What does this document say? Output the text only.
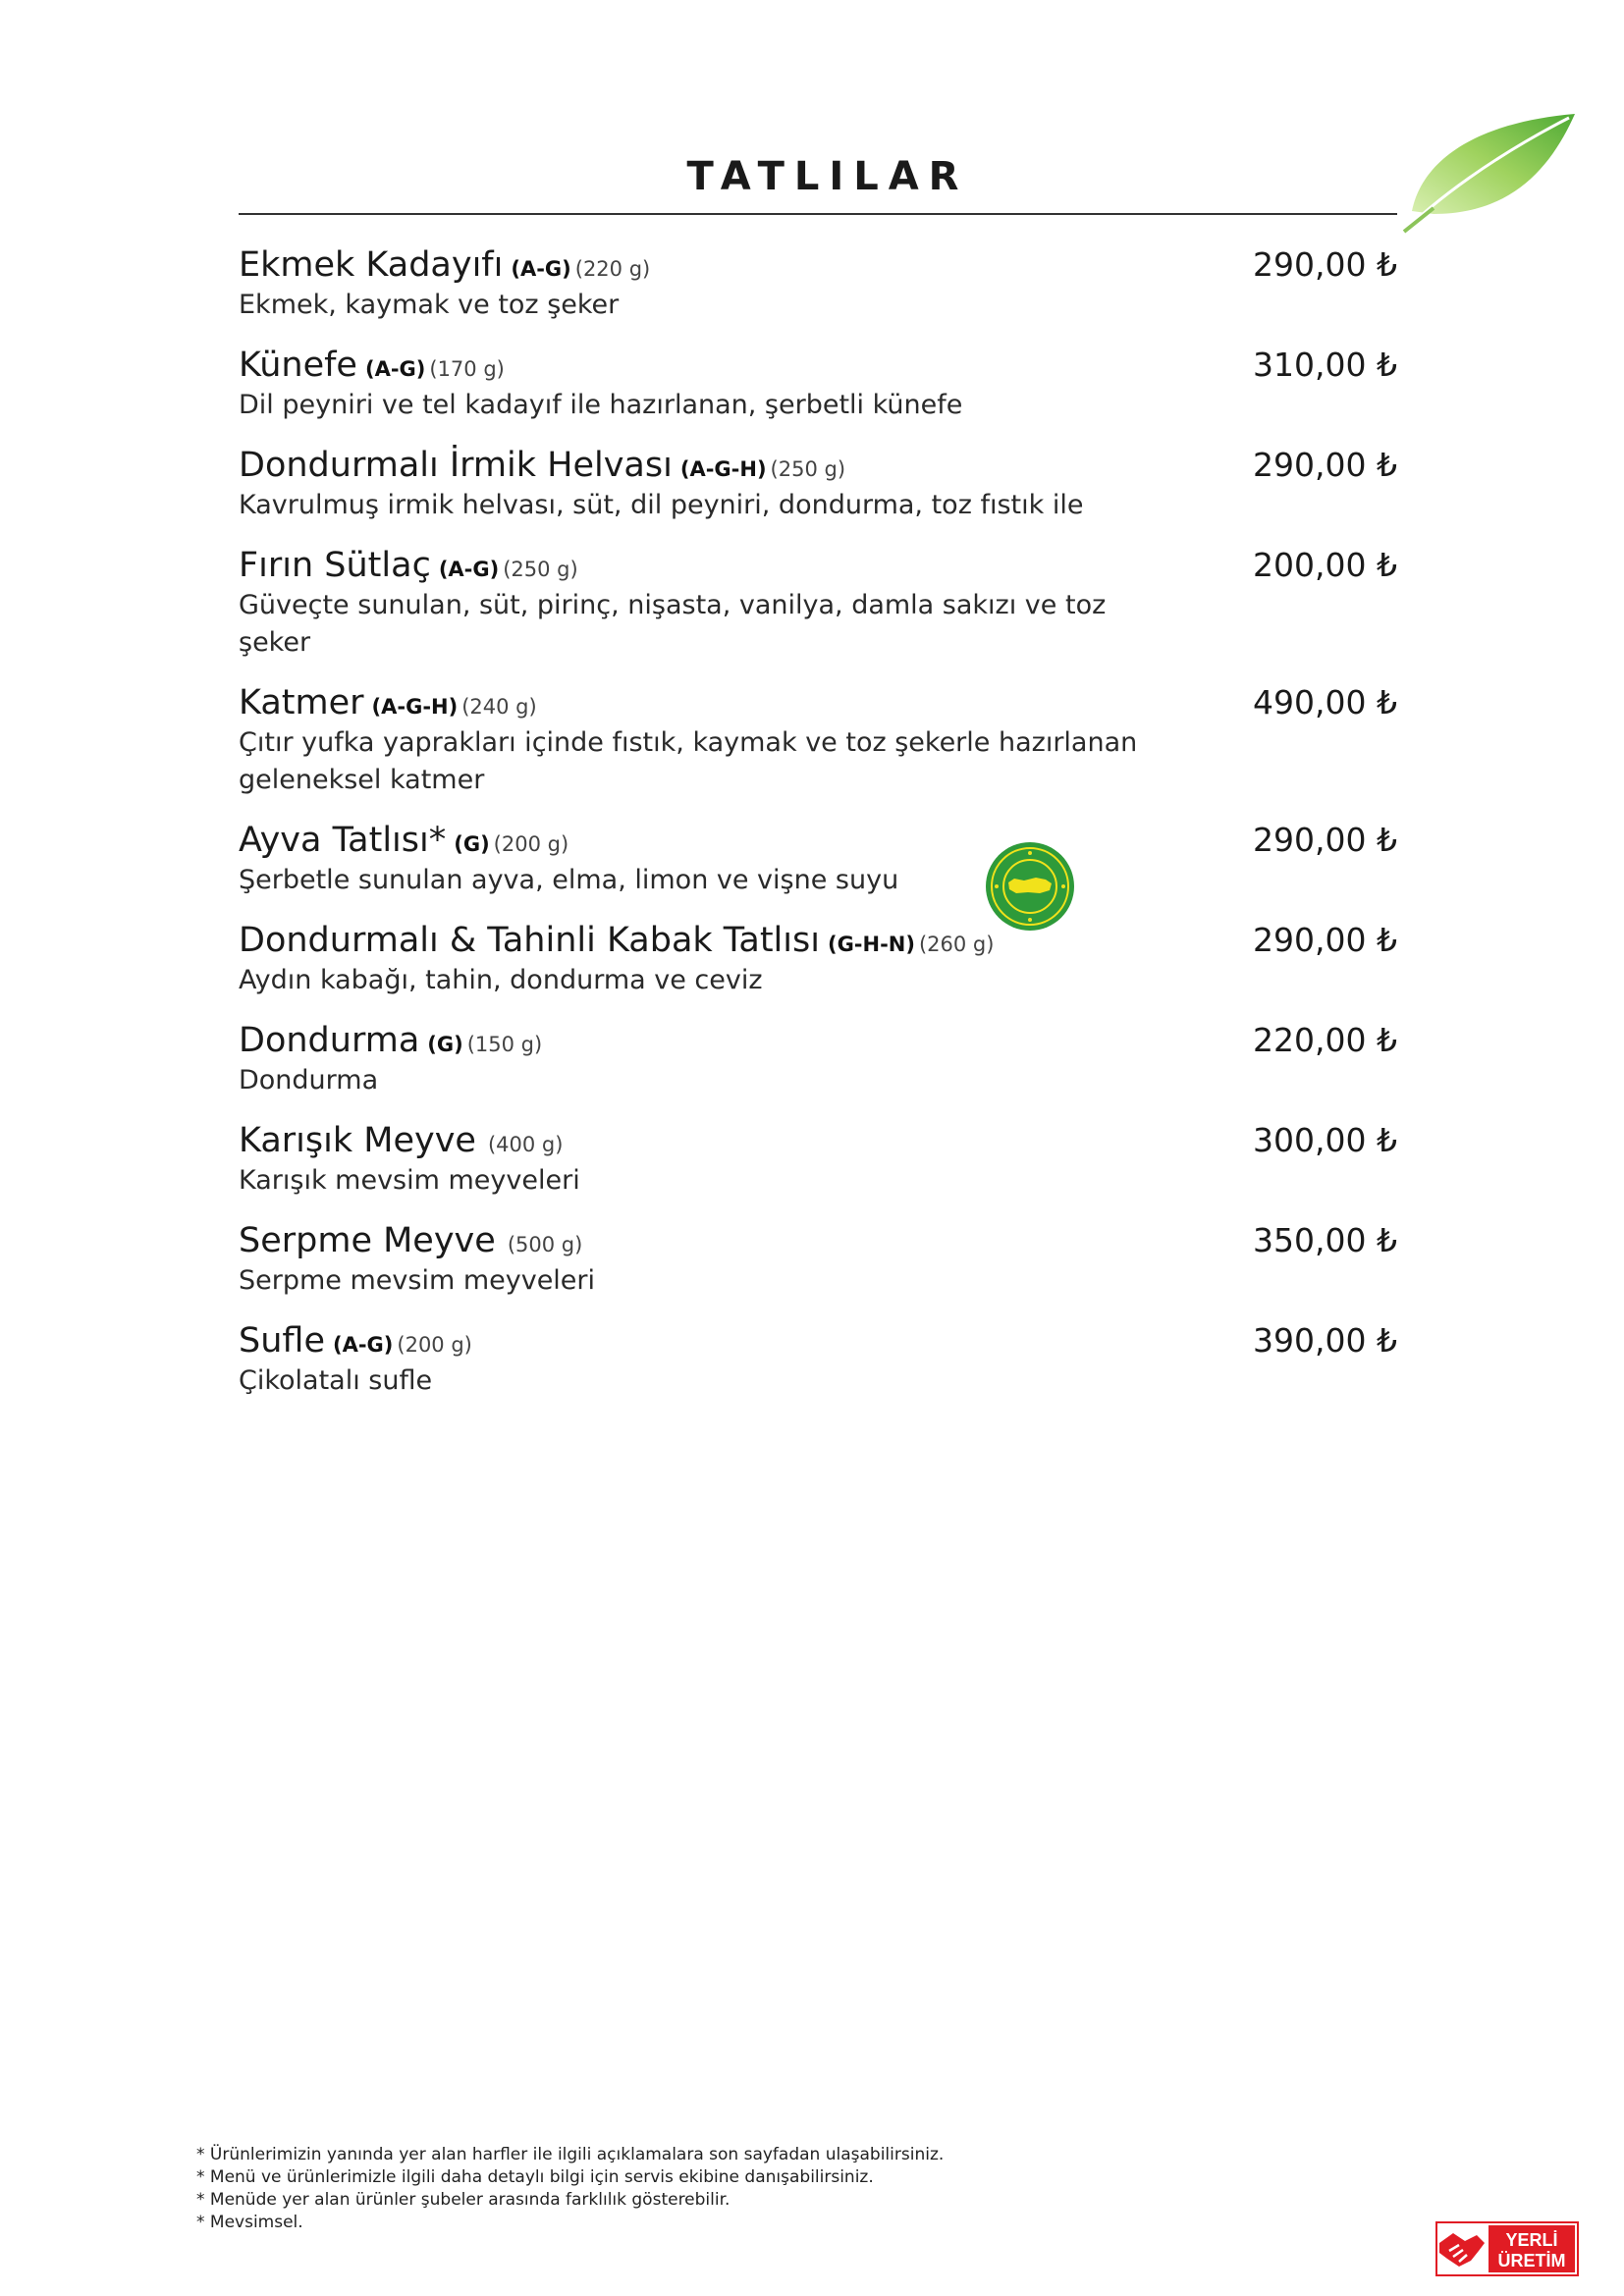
TATLILAR
Ekmek Kadayıfı (A-G) (220 g)	290,00 ₺
Ekmek, kaymak ve toz şeker
Künefe (A-G) (170 g)	310,00 ₺
Dil peyniri ve tel kadayıf ile hazırlanan, şerbetli künefe
Dondurmalı İrmik Helvası (A-G-H) (250 g)	290,00 ₺
Kavrulmuş irmik helvası, süt, dil peyniri, dondurma, toz fıstık ile
Fırın Sütlaç (A-G) (250 g)	200,00 ₺
Güveçte sunulan, süt, pirinç, nişasta, vanilya, damla sakızı ve toz şeker
Katmer (A-G-H) (240 g)	490,00 ₺
Çıtır yufka yaprakları içinde fıstık, kaymak ve toz şekerle hazırlanan geleneksel katmer
Ayva Tatlısı* (G) (200 g)	290,00 ₺
Şerbetle sunulan ayva, elma, limon ve vişne suyu
Dondurmalı & Tahinli Kabak Tatlısı (G-H-N) (260 g)	290,00 ₺
Aydın kabağı, tahin, dondurma ve ceviz
Dondurma (G) (150 g)	220,00 ₺
Dondurma
Karışık Meyve (400 g)	300,00 ₺
Karışık mevsim meyveleri
Serpme Meyve (500 g)	350,00 ₺
Serpme mevsim meyveleri
Sufle (A-G) (200 g)	390,00 ₺
Çikolatalı sufle
* Ürünlerimizin yanında yer alan harfler ile ilgili açıklamalara son sayfadan ulaşabilirsiniz.
* Menü ve ürünlerimizle ilgili daha detaylı bilgi için servis ekibine danışabilirsiniz.
* Menüde yer alan ürünler şubeler arasında farklılık gösterebilir.
* Mevsimsel.
YERLİ
ÜRETİM
